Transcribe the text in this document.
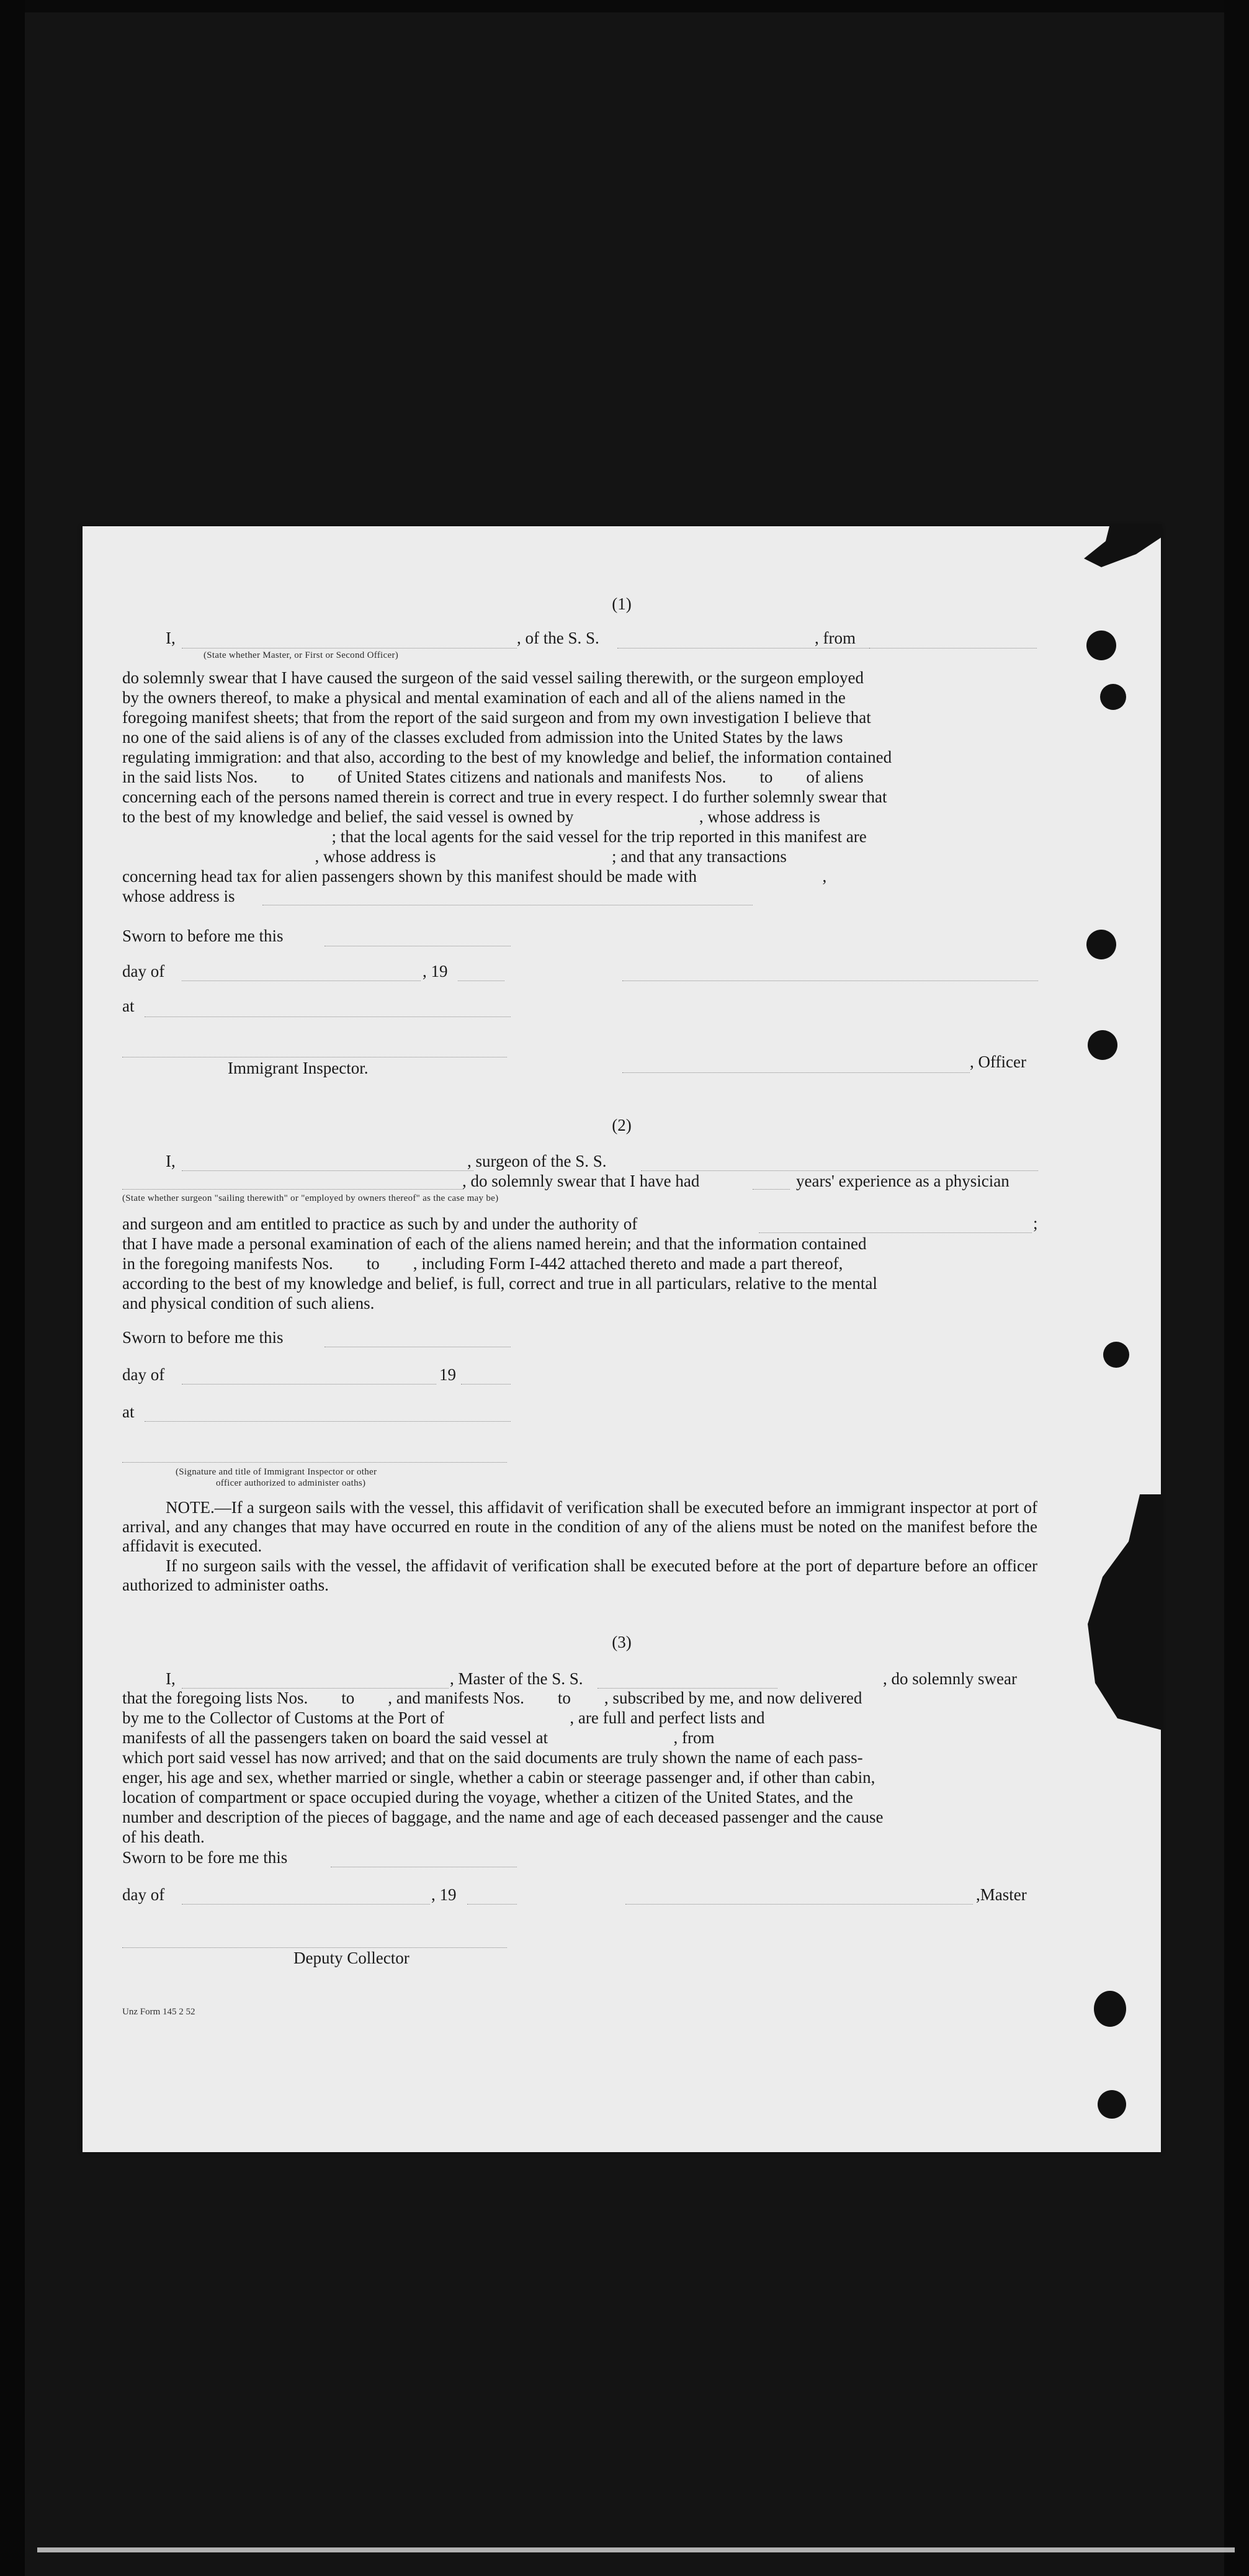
(1)
I,	, of the S. S.	, from
(State whether Master, or First or Second Officer)
do solemnly swear that I have caused the surgeon of the said vessel sailing therewith, or the surgeon employed
by the owners thereof, to make a physical and mental examination of each and all of the aliens named in the
foregoing manifest sheets; that from the report of the said surgeon and from my own investigation I believe that
no one of the said aliens is of any of the classes excluded from admission into the United States by the laws
regulating immigration: and that also, according to the best of my knowledge and belief, the information contained
in the said lists Nos.        to        of United States citizens and nationals and manifests Nos.        to        of aliens
concerning each of the persons named therein is correct and true in every respect. I do further solemnly swear that
to the best of my knowledge and belief, the said vessel is owned by                              , whose address is
; that the local agents for the said vessel for the trip reported in this manifest are
, whose address is                                          ; and that any transactions
concerning head tax for alien passengers shown by this manifest should be made with                              ,
whose address is
Sworn to before me this
day of	, 19
at
, Officer
Immigrant Inspector.
(2)
I,	, surgeon of the S. S.
, do solemnly swear that I have had	years' experience as a physician
(State whether surgeon "sailing therewith" or "employed by owners thereof" as the case may be)
and surgeon and am entitled to practice as such by and under the authority of
that I have made a personal examination of each of the aliens named herein; and that the information contained
in the foregoing manifests Nos.        to        , including Form I-442 attached thereto and made a part thereof,
according to the best of my knowledge and belief, is full, correct and true in all particulars, relative to the mental
and physical condition of such aliens.
;
Sworn to before me this
day of	19
at
(Signature and title of Immigrant Inspector or other
officer authorized to administer oaths)
NOTE.—If a surgeon sails with the vessel, this affidavit of verification shall be executed before an immigrant inspector at port of arrival, and any changes that may have occurred en route in the condition of any of the aliens must be noted on the manifest before the affidavit is executed.
If no surgeon sails with the vessel, the affidavit of verification shall be executed before at the port of departure before an officer authorized to administer oaths.
(3)
I,	, Master of the S. S.	, do solemnly swear
that the foregoing lists Nos.        to        , and manifests Nos.        to        , subscribed by me, and now delivered
by me to the Collector of Customs at the Port of                              , are full and perfect lists and
manifests of all the passengers taken on board the said vessel at                              , from
which port said vessel has now arrived; and that on the said documents are truly shown the name of each pass-
enger, his age and sex, whether married or single, whether a cabin or steerage passenger and, if other than cabin,
location of compartment or space occupied during the voyage, whether a citizen of the United States, and the
number and description of the pieces of baggage, and the name and age of each deceased passenger and the cause
of his death.
Sworn to be fore me this
day of	, 19	,Master
Deputy Collector
Unz Form 145 2 52
